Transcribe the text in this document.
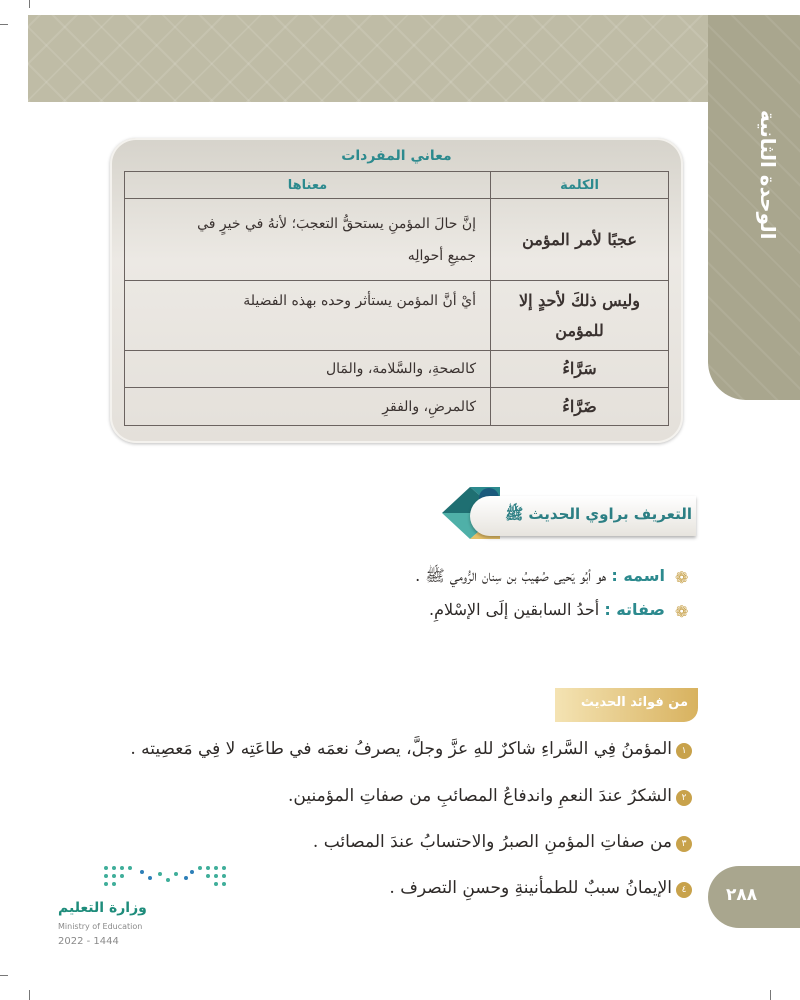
الوحدة الثانية
معاني المفردات
الكلمة	معناها
عجبًا لأمر المؤمن	إنَّ حالَ المؤمنِ يستحقُّ التعجبَ؛ لأنهُ في خيرٍ في
جميعِ أحوالِه

وليس ذلكَ لأحدٍ إلا
للمؤمن	أيْ أنَّ المؤمن يستأثر وحده بهذه الفضيلة
سَرَّاءُ	كالصحةِ، والسَّلامة، والمَال
ضَرَّاءُ	كالمرضِ، والفقرِ
التعريف براوي الحديث ﷺ
❁
اسمه : هو أبُو يَحيى صُهيبُ بن سِنان الرُّومي ﷺ .
❁
صفاته : أحدُ السابقين إلَى الإسْلامِ.
من فوائد الحديث
١
المؤمنُ فِي السَّراءِ شاكرٌ للهِ عزَّ وجلَّ، يصرفُ نعمَه في طاعَتِه لا فِي مَعصِيته .
٢
الشكرُ عندَ النعمِ واندفاعُ المصائبِ من صفاتِ المؤمنين.
٣
من صفاتِ المؤمنِ الصبرُ والاحتسابُ عندَ المصائب .
٤
الإيمانُ سببٌ للطمأنينةِ وحسنِ التصرف .	٢٨٨
وزارة التعليم
Ministry of Education
2022 - 1444
